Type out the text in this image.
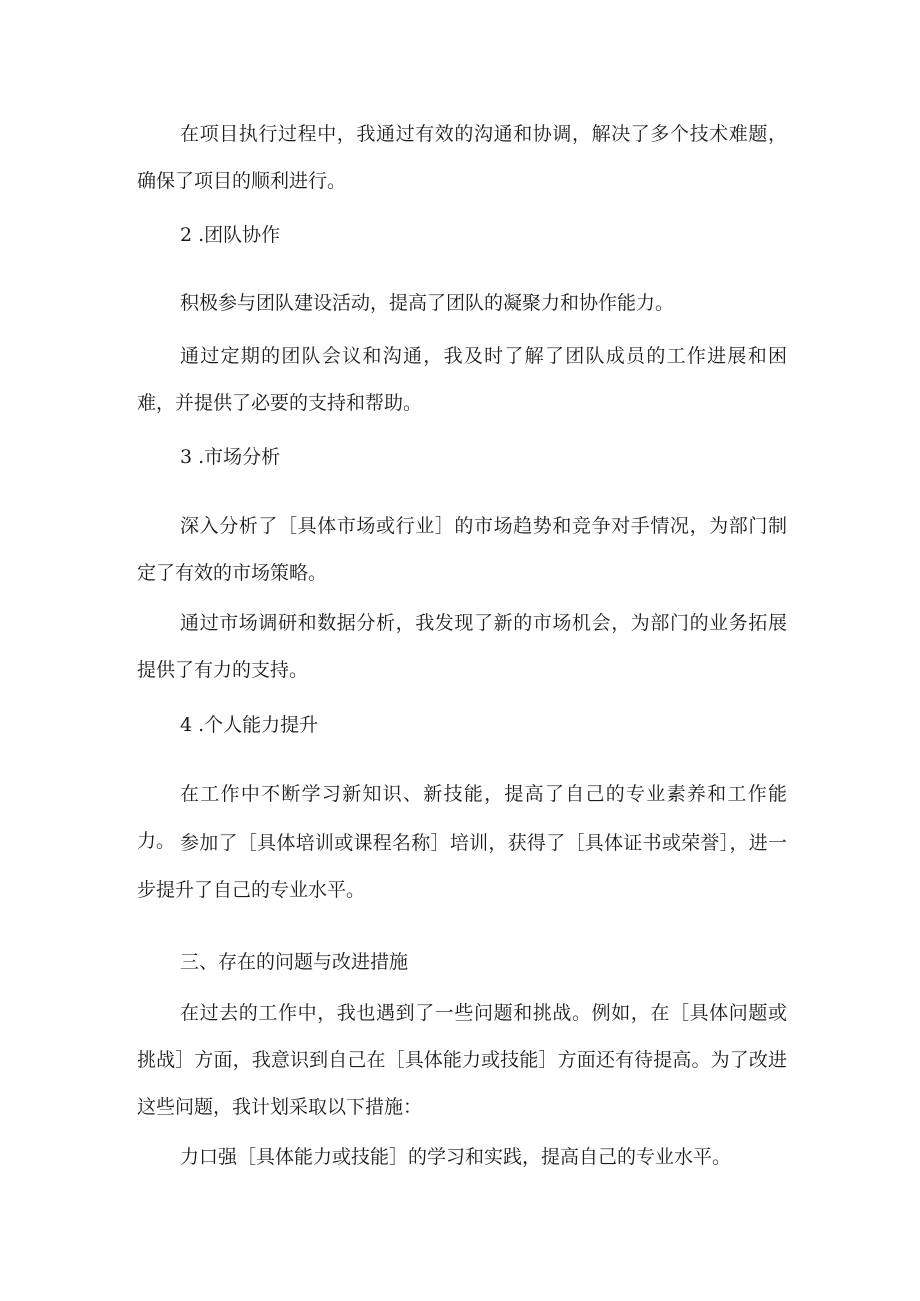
在项目执行过程中，我通过有效的沟通和协调，解决了多个技术难题，确保了项目的顺利进行。

2 .团队协作

积极参与团队建设活动，提高了团队的凝聚力和协作能力。

通过定期的团队会议和沟通，我及时了解了团队成员的工作进展和困难，并提供了必要的支持和帮助。

3 .市场分析

深入分析了［具体市场或行业］的市场趋势和竞争对手情况，为部门制定了有效的市场策略。

通过市场调研和数据分析，我发现了新的市场机会，为部门的业务拓展提供了有力的支持。

4 .个人能力提升

在工作中不断学习新知识、新技能，提高了自己的专业素养和工作能力。 参加了［具体培训或课程名称］培训，获得了［具体证书或荣誉］，进一步提升了自己的专业水平。

三、存在的问题与改进措施

在过去的工作中，我也遇到了一些问题和挑战。例如，在［具体问题或挑战］方面，我意识到自己在［具体能力或技能］方面还有待提高。为了改进这些问题，我计划采取以下措施：

力口强［具体能力或技能］的学习和实践，提高自己的专业水平。
